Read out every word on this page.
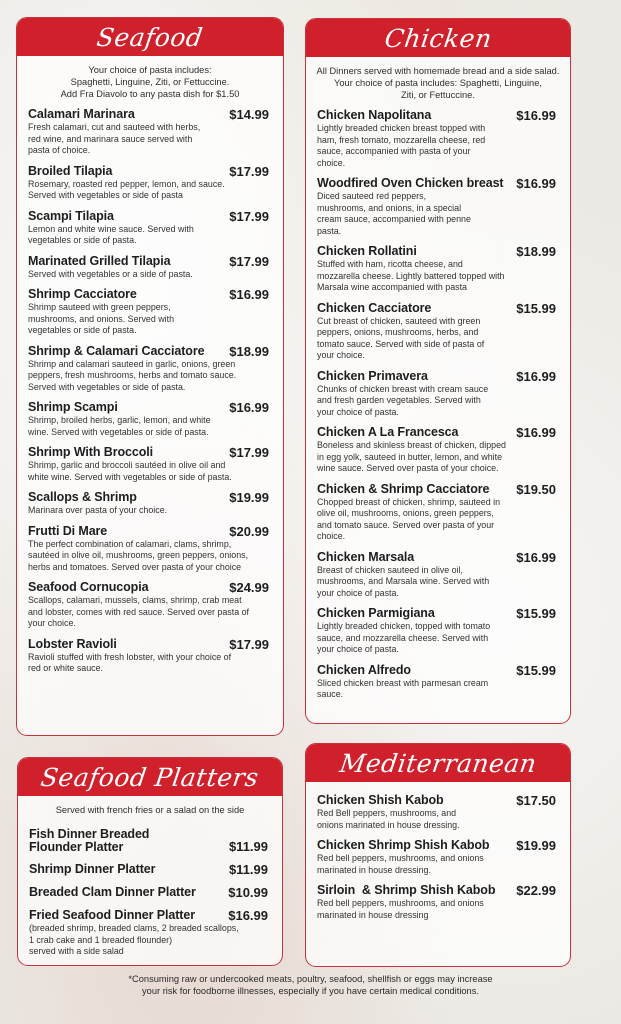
Seafood
Your choice of pasta includes:
Spaghetti, Linguine, Ziti, or Fettuccine.
Add Fra Diavolo to any pasta dish for $1.50
Calamari Marinara	$14.99
Fresh calamari, cut and sauteed with herbs, red wine, and marinara sauce served with pasta of choice.
Broiled Tilapia	$17.99
Rosemary, roasted red pepper, lemon, and sauce. Served with vegetables or side of pasta
Scampi Tilapia	$17.99
Lemon and white wine sauce. Served with vegetables or side of pasta.
Marinated Grilled Tilapia	$17.99
Served with vegetables or a side of pasta.
Shrimp Cacciatore	$16.99
Shrimp sauteed with green peppers, mushrooms, and onions. Served with vegetables or side of pasta.
Shrimp & Calamari Cacciatore $18.99
Shrimp and calamari sauteed in garlic, onions, green peppers, fresh mushrooms, herbs and tomato sauce. Served with vegetables or side of pasta.
Shrimp Scampi	$16.99
Shrimp, broiled herbs, garlic, lemon, and white wine. Served with vegetables or side of pasta.
Shrimp With Broccoli	$17.99
Shrimp, garlic and broccoli sautéed in olive oil and white wine. Served with vegetables or side of pasta.
Scallops & Shrimp	$19.99
Marinara over pasta of your choice.
Frutti Di Mare	$20.99
The perfect combination of calamari, clams, shrimp, sautéed in olive oil, mushrooms, green peppers, onions, herbs and tomatoes. Served over pasta of your choice
Seafood Cornucopia	$24.99
Scallops, calamari, mussels, clams, shrimp, crab meat and lobster, comes with red sauce. Served over pasta of your choice.
Lobster Ravioli	$17.99
Ravioli stuffed with fresh lobster, with your choice of red or white sauce.
Chicken
All Dinners served with homemade bread and a side salad.
Your choice of pasta includes: Spaghetti, Linguine,
Ziti, or Fettuccine.
Chicken Napolitana	$16.99
Lightly breaded chicken breast topped with ham, fresh tomato, mozzarella cheese, red sauce, accompanied with pasta of your choice.
Woodfired Oven Chicken breast $16.99
Diced sauteed red peppers, mushrooms, and onions, in a special cream sauce, accompanied with penne pasta.
Chicken Rollatini	$18.99
Stuffed with ham, ricotta cheese, and mozzarella cheese. Lightly battered topped with Marsala wine accompanied with pasta
Chicken Cacciatore	$15.99
Cut breast of chicken, sauteed with green peppers, onions, mushrooms, herbs, and tomato sauce. Served with side of pasta of your choice.
Chicken Primavera	$16.99
Chunks of chicken breast with cream sauce and fresh garden vegetables. Served with your choice of pasta.
Chicken A La Francesca	$16.99
Boneless and skinless breast of chicken, dipped in egg yolk, sauteed in butter, lemon, and white wine sauce. Served over pasta of your choice.
Chicken & Shrimp Cacciatore $19.50
Chopped breast of chicken, shrimp, sauteed in olive oil, mushrooms, onions, green peppers, and tomato sauce. Served over pasta of your choice.
Chicken Marsala	$16.99
Breast of chicken sauteed in olive oil, mushrooms, and Marsala wine. Served with your choice of pasta.
Chicken Parmigiana	$15.99
Lightly breaded chicken, topped with tomato sauce, and mozzarella cheese. Served with your choice of pasta.
Chicken Alfredo	$15.99
Sliced chicken breast with parmesan cream sauce.
Seafood Platters
Served with french fries or a salad on the side
Fish Dinner Breaded
Flounder Platter	$11.99
Shrimp Dinner Platter	$11.99
Breaded Clam Dinner Platter $10.99
Fried Seafood Dinner Platter	$16.99
(breaded shrimp, breaded clams, 2 breaded scallops,
1 crab cake and 1 breaded flounder)
served with a side salad
Mediterranean
Chicken Shish Kabob	$17.50
Red Bell peppers, mushrooms, and onions marinated in house dressing.
Chicken Shrimp Shish Kabob $19.99
Red bell peppers, mushrooms, and onions marinated in house dressing.
Sirloin  & Shrimp Shish Kabob $22.99
Red bell peppers, mushrooms, and onions marinated in house dressing
*Consuming raw or undercooked meats, poultry, seafood, shellfish or eggs may increase
your risk for foodborne illnesses, especially if you have certain medical conditions.
